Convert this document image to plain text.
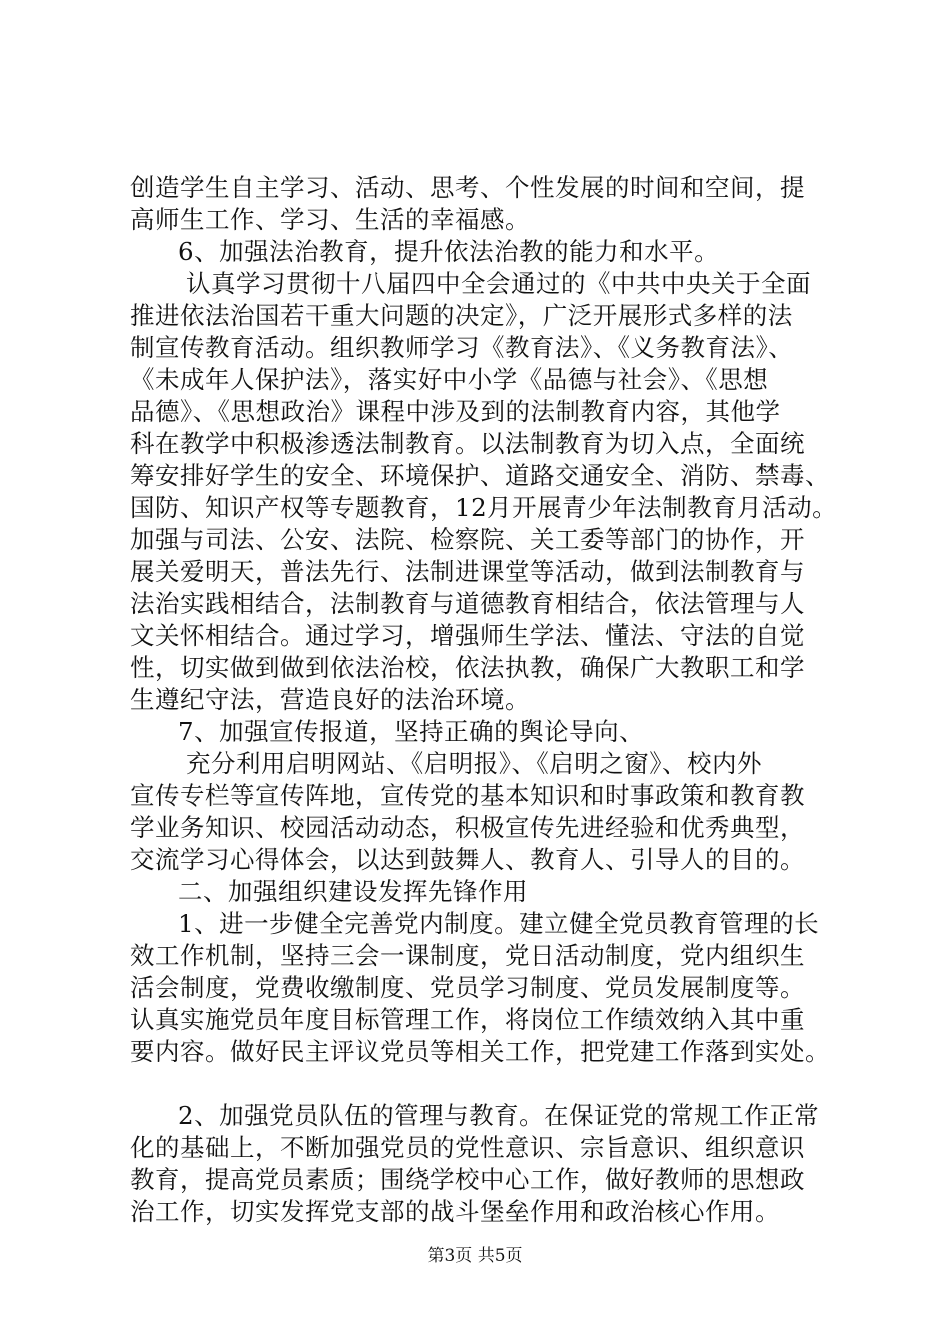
创造学生自主学习、活动、思考、个性发展的时间和空间，提
高师生工作、学习、生活的幸福感。
6、加强法治教育，提升依法治教的能力和水平。
认真学习贯彻十八届四中全会通过的《中共中央关于全面
推进依法治国若干重大问题的决定》，广泛开展形式多样的法
制宣传教育活动。组织教师学习《教育法》、《义务教育法》、
《未成年人保护法》，落实好中小学《品德与社会》、《思想
品德》、《思想政治》课程中涉及到的法制教育内容，其他学
科在教学中积极渗透法制教育。以法制教育为切入点，全面统
筹安排好学生的安全、环境保护、道路交通安全、消防、禁毒、
国防、知识产权等专题教育，12月开展青少年法制教育月活动。
加强与司法、公安、法院、检察院、关工委等部门的协作，开
展关爱明天，普法先行、法制进课堂等活动，做到法制教育与
法治实践相结合，法制教育与道德教育相结合，依法管理与人
文关怀相结合。通过学习，增强师生学法、懂法、守法的自觉
性，切实做到做到依法治校，依法执教，确保广大教职工和学
生遵纪守法，营造良好的法治环境。
7、加强宣传报道，坚持正确的舆论导向、
充分利用启明网站、《启明报》、《启明之窗》、校内外
宣传专栏等宣传阵地，宣传党的基本知识和时事政策和教育教
学业务知识、校园活动动态，积极宣传先进经验和优秀典型，
交流学习心得体会，以达到鼓舞人、教育人、引导人的目的。
二、加强组织建设发挥先锋作用
1、进一步健全完善党内制度。建立健全党员教育管理的长
效工作机制，坚持三会一课制度，党日活动制度，党内组织生
活会制度，党费收缴制度、党员学习制度、党员发展制度等。
认真实施党员年度目标管理工作，将岗位工作绩效纳入其中重
要内容。做好民主评议党员等相关工作，把党建工作落到实处。
2、加强党员队伍的管理与教育。在保证党的常规工作正常
化的基础上，不断加强党员的党性意识、宗旨意识、组织意识
教育，提高党员素质；围绕学校中心工作，做好教师的思想政
治工作，切实发挥党支部的战斗堡垒作用和政治核心作用。
第3页 共5页
